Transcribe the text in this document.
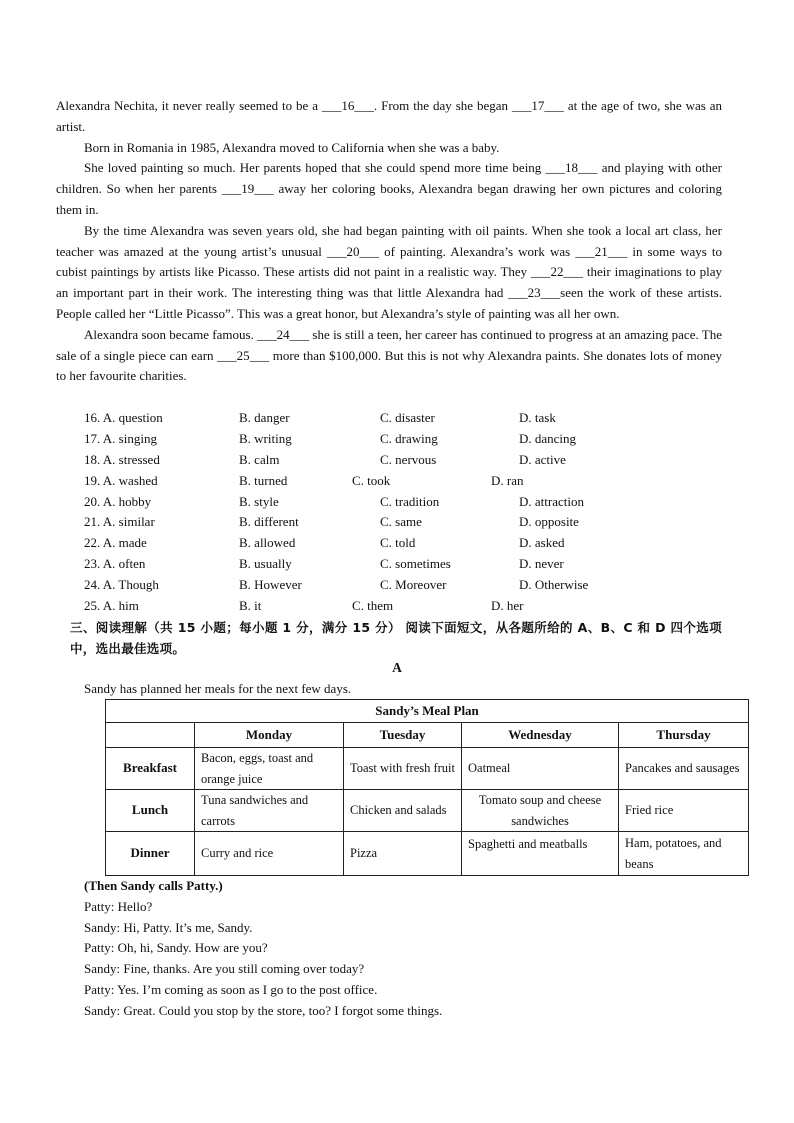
Alexandra Nechita, it never really seemed to be a ___16___. From the day she began ___17___ at the age of two, she was an artist.

Born in Romania in 1985, Alexandra moved to California when she was a baby.

She loved painting so much. Her parents hoped that she could spend more time being ___18___ and playing with other children. So when her parents ___19___ away her coloring books, Alexandra began drawing her own pictures and coloring them in.

By the time Alexandra was seven years old, she had began painting with oil paints. When she took a local art class, her teacher was amazed at the young artist’s unusual ___20___ of painting. Alexandra’s work was ___21___ in some ways to cubist paintings by artists like Picasso. These artists did not paint in a realistic way. They ___22___ their imaginations to play an important part in their work. The interesting thing was that little Alexandra had ___23___seen the work of these artists. People called her “Little Picasso”. This was a great honor, but Alexandra’s style of painting was all her own.

Alexandra soon became famous. ___24___ she is still a teen, her career has continued to progress at an amazing pace. The sale of a single piece can earn ___25___ more than $100,000. But this is not why Alexandra paints. She donates lots of money to her favourite charities.

16. A. question	B. danger	C. disaster	D. task
17. A. singing	B. writing	C. drawing	D. dancing
18. A. stressed	B. calm	C. nervous	D. active
19. A. washed	B. turned	C. took	D. ran
20. A. hobby	B. style	C. tradition	D. attraction
21. A. similar	B. different	C. same	D. opposite
22. A. made	B. allowed	C. told	D. asked
23. A. often	B. usually	C. sometimes	D. never
24. A. Though	B. However	C. Moreover	D. Otherwise
25. A. him	B. it	C. them	D. her
三、阅读理解（共 15 小题；每小题 1 分，满分 15 分） 阅读下面短文，从各题所给的 A、B、C 和 D 四个选项中，选出最佳选项。
A
Sandy has planned her meals for the next few days.
Sandy’s Meal Plan				
	Monday	Tuesday	Wednesday	Thursday
Breakfast	Bacon, eggs, toast and orange juice	Toast with fresh fruit	Oatmeal	Pancakes and sausages
Lunch	Tuna sandwiches and carrots	Chicken and salads	Tomato soup and cheese sandwiches	Fried rice
Dinner	Curry and rice	Pizza	Spaghetti and meatballs	Ham, potatoes, and beans
(Then Sandy calls Patty.)
Patty: Hello?
Sandy: Hi, Patty. It’s me, Sandy.
Patty: Oh, hi, Sandy. How are you?
Sandy: Fine, thanks. Are you still coming over today?
Patty: Yes. I’m coming as soon as I go to the post office.
Sandy: Great. Could you stop by the store, too? I forgot some things.
